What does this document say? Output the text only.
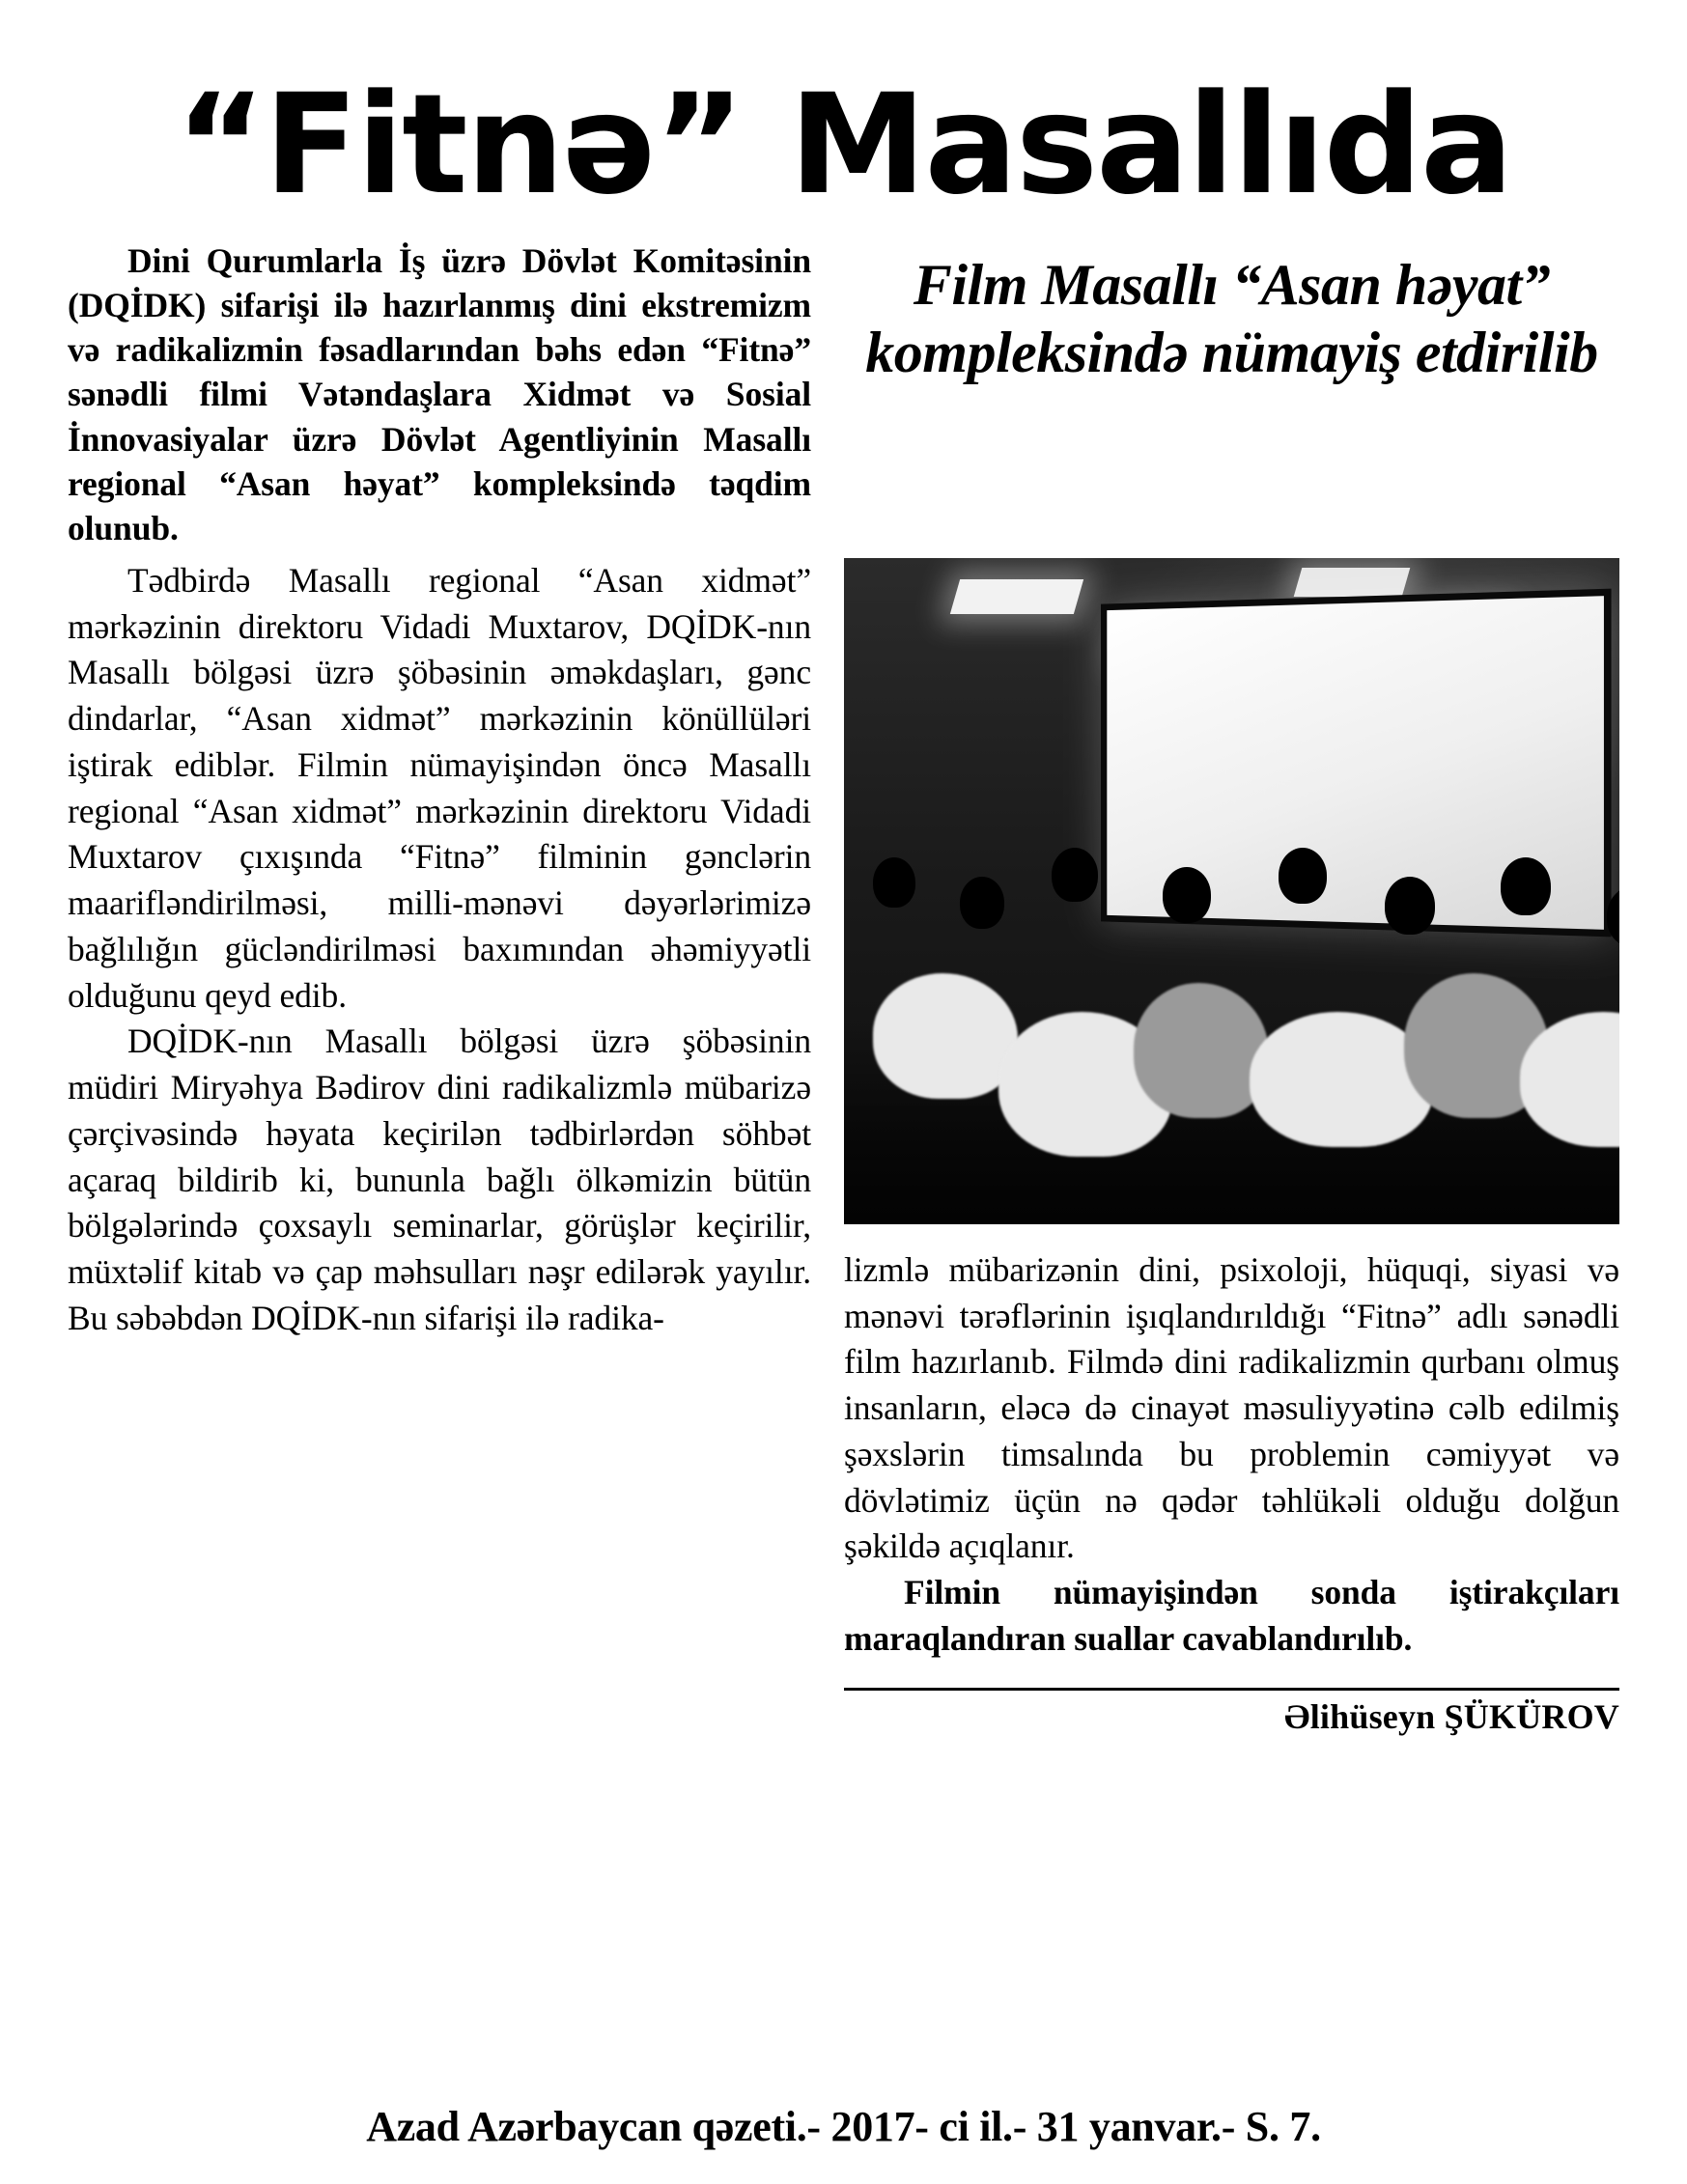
“Fitnə” Masallıda

Dini Qurumlarla İş üzrə Dövlət Komitəsinin (DQİDK) sifarişi ilə hazırlanmış dini ekstremizm və radikalizmin fəsadlarından bəhs edən “Fitnə” sənədli filmi Vətəndaşlara Xidmət və Sosial İnnovasiyalar üzrə Dövlət Agentliyinin Masallı regional “Asan həyat” kompleksində təqdim olunub.

Film Masallı “Asan həyat” kompleksində nümayiş etdirilib

Tədbirdə Masallı regional “Asan xidmət” mərkəzinin direktoru Vidadi Muxtarov, DQİDK-nın Masallı bölgəsi üzrə şöbəsinin əməkdaşları, gənc dindarlar, “Asan xidmət” mərkəzinin könüllüləri iştirak ediblər. Filmin nümayişindən öncə Masallı regional “Asan xidmət” mərkəzinin direktoru Vidadi Muxtarov çıxışında “Fitnə” filminin gənclərin maarifləndirilməsi, milli-mənəvi dəyərlərimizə bağlılığın gücləndirilməsi baxımından əhəmiyyətli olduğunu qeyd edib.

DQİDK-nın Masallı bölgəsi üzrə şöbəsinin müdiri Miryəhya Bədirov dini radikalizmlə mübarizə çərçivəsində həyata keçirilən tədbirlərdən söhbət açaraq bildirib ki, bununla bağlı ölkəmizin bütün bölgələrində çoxsaylı seminarlar, görüşlər keçirilir, müxtəlif kitab və çap məhsulları nəşr edilərək yayılır. Bu səbəbdən DQİDK-nın sifarişi ilə radika-

lizmlə mübarizənin dini, psixoloji, hüquqi, siyasi və mənəvi tərəflərinin işıqlandırıldığı “Fitnə” adlı sənədli film hazırlanıb. Filmdə dini radikalizmin qurbanı olmuş insanların, eləcə də cinayət məsuliyyətinə cəlb edilmiş şəxslərin timsalında bu problemin cəmiyyət və dövlətimiz üçün nə qədər təhlükəli olduğu dolğun şəkildə açıqlanır.

Filmin nümayişindən sonda iştirakçıları maraqlandıran suallar cavablandırılıb.

Əlihüseyn ŞÜKÜROV
Azad Azərbaycan qəzeti.- 2017- ci il.- 31 yanvar.- S. 7.
